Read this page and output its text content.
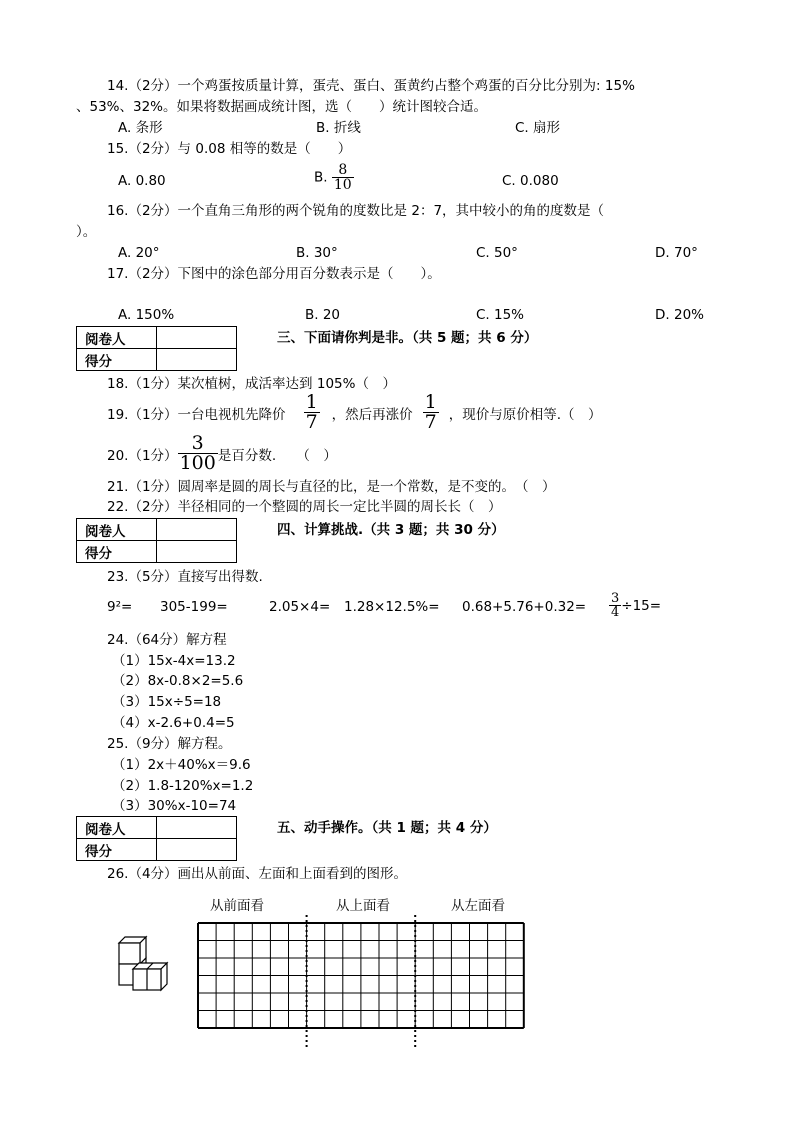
14.（2分）一个鸡蛋按质量计算，蛋壳、蛋白、蛋黄约占整个鸡蛋的百分比分别为: 15%
、53%、32%。如果将数据画成统计图，选（　　）统计图较合适。
A. 条形	B. 折线	C. 扇形
15.（2分）与 0.08 相等的数是（　　）
A. 0.80	B. $\frac{8}{10}$	C. 0.080
16.（2分）一个直角三角形的两个锐角的度数比是 2：7，其中较小的角的度数是（
）。
A. 20°	B. 30°	C. 50°	D. 70°
17.（2分）下图中的涂色部分用百分数表示是（　　）。
A. 150%	B. 20	C. 15%	D. 20%
阅卷人	
得分	
三、下面请你判是非。（共 5 题；共 6 分）
18.（1分）某次植树，成活率达到 105%（　）
19.（1分）一台电视机先降价 $\frac{1}{7}$ ，然后再涨价 $\frac{1}{7}$ ，现价与原价相等.（　）
20.（1分） $\frac{3}{100}$ 是百分数.　　（　）
21.（1分）圆周率是圆的周长与直径的比，是一个常数，是不变的。　（　）
22.（2分）半径相同的一个整圆的周长一定比半圆的周长长（　）
阅卷人	
得分	
四、计算挑战.（共 3 题；共 30 分）
23.（5分）直接写出得数.
9²= 305-199=	$2.05\times 4= 1.28\times 12.5\%= 0.68+5.76+0.32= \frac{3}{4} \div 15=$
24.（64分）解方程
（1）15x-4x=13.2
（2）8x-0.8×2=5.6
（3）15x÷5=18
（4）x-2.6+0.4=5
25.（9分）解方程。
（1）2x＋40%x＝9.6
（2）1.8-120%x=1.2
（3）30%x-10=74
阅卷人	
得分	
五、动手操作。（共 1 题；共 4 分）
26.（4分）画出从前面、左面和上面看到的图形。
从前面看	从上面看	从左面看
